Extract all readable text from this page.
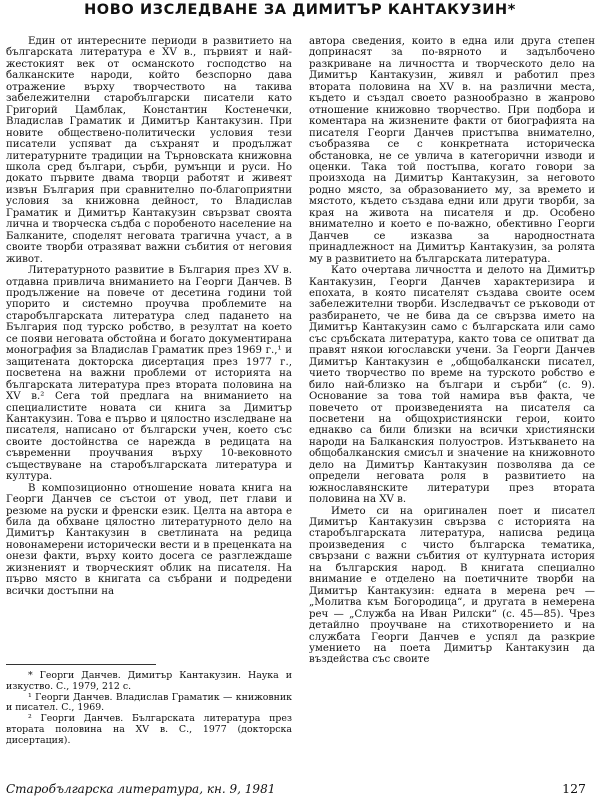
НОВО ИЗСЛЕДВАНЕ ЗА ДИМИТЪР КАНТАКУЗИН*

Един от интересните периоди в развитието на българската литература е XV в., първият и най-жестокият век от османското господство на балканските народи, който безспорно дава отражение върху творчеството на такива забележителни старобългарски писатели като Григорий Цамблак, Константин Костенечки, Владислав Граматик и Димитър Кантакузин. При новите обществено-политически условия тези писатели успяват да съхранят и продължат литературните традиции на Търновската книжовна школа сред българи, сърби, румънци и руси. Но докато първите двама творци работят и живеят извън България при сравнително по-благоприятни условия за книжовна дейност, то Владислав Граматик и Димитър Кантакузин свързват своята лична и творческа съдба с поробеното население на Балканите, споделят неговата трагична участ, а в своите творби отразяват важни събития от неговия живот.

Литературното развитие в България през XV в. отдавна привлича вниманието на Георги Данчев. В продължение на повече от десетина години той упорито и системно проучва проблемите на старобългарската литература след падането на България под турско робство, в резултат на което се появи неговата обстойна и богато документирана монография за Владислав Граматик през 1969 г.,¹ и защитената докторска дисертация през 1977 г., посветена на важни проблеми от историята на българската литература през втората половина на XV в.² Сега той предлага на вниманието на специалистите новата си книга за Димитър Кантакузин. Това е първо и цялостно изследване на писателя, написано от български учен, което със своите достойнства се нарежда в редицата на съвременни проучвания върху 10-вековното съществуване на старобългарската литература и култура.

В композиционно отношение новата книга на Георги Данчев се състои от увод, пет глави и резюме на руски и френски език. Целта на автора е била да обхване цялостно литературното дело на Димитър Кантакузин в светлината на редица новонамерени исторически вести и в преценката на онези факти, върху които досега се разглеждаше жизненият и творческият облик на писателя. На първо място в книгата са събрани и подредени всички достъпни на

* Георги Данчев. Димитър Кантакузин. Наука и изкуство. С., 1979, 212 с.

¹ Георги Данчев. Владислав Граматик — книжовник и писател. С., 1969.

² Георги Данчев. Българската литература през втората половина на XV в. С., 1977 (докторска дисертация).

автора сведения, които в една или друга степен допринасят за по-вярното и задълбочено разкриване на личността и творческото дело на Димитър Кантакузин, живял и работил през втората половина на XV в. на различни места, където и създал своето разнообразно в жанрово отношение книжовно творчество. При подбора и коментара на жизнените факти от биографията на писателя Георги Данчев пристъпва внимателно, съобразява се с конкретната историческа обстановка, не се увлича в категорични изводи и оценки. Така той постъпва, когато говори за произхода на Димитър Кантакузин, за неговото родно място, за образованието му, за времето и мястото, където създава едни или други творби, за края на живота на писателя и др. Особено внимателно и което е по-важно, обективно Георги Данчев се изказва за народностната принадлежност на Димитър Кантакузин, за ролята му в развитието на българската литература.

Като очертава личността и делото на Димитър Кантакузин, Георги Данчев характеризира и епохата, в която писателят създава своите осем забележителни творби. Изследвачът се ръководи от разбирането, че не бива да се свързва името на Димитър Кантакузин само с българската или само със сръбската литература, както това се опитват да правят някои югославски учени. За Георги Данчев Димитър Кантакузин е „общобалкански писател, чието творчество по време на турското робство е било най-близко на българи и сърби“ (с. 9). Основание за това той намира във факта, че повечето от произведенията на писателя са посветени на общохристиянски герои, които еднакво са били близки на всички християнски народи на Балканския полуостров. Изтъкването на общобалканския смисъл и значение на книжовното дело на Димитър Кантакузин позволява да се определи неговата роля в развитието на южнославянските литератури през втората половина на XV в.

Името си на оригинален поет и писател Димитър Кантакузин свързва с историята на старобългарската литература, написва редица произведения с чисто българска тематика, свързани с важни събития от културната история на българския народ. В книгата специално внимание е отделено на поетичните творби на Димитър Кантакузин: едната в мерена реч — „Молитва към Богородица“, и другата в немерена реч — „Служба на Иван Рилски“ (с. 45—85). Чрез детайлно проучване на стихотворението и на службата Георги Данчев е успял да разкрие умението на поета Димитър Кантакузин да въздейства със своите

Старобългарска литература, кн. 9, 1981	127
